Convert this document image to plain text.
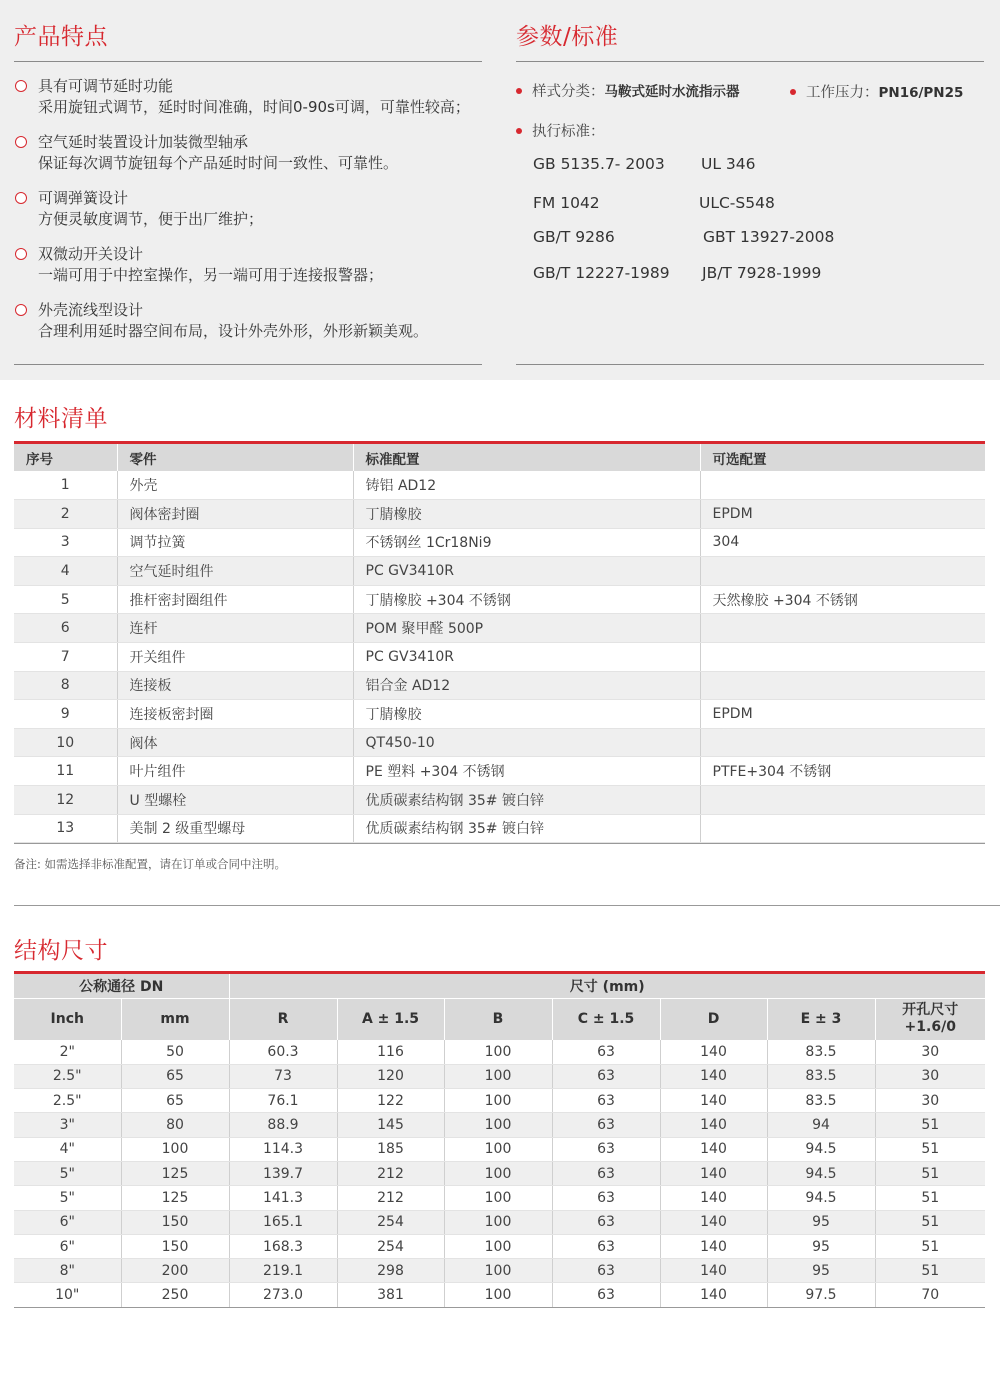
产品特点
具有可调节延时功能
采用旋钮式调节，延时时间准确，时间0-90s可调，可靠性较高；
空气延时装置设计加装微型轴承
保证每次调节旋钮每个产品延时时间一致性、可靠性。
可调弹簧设计
方便灵敏度调节，便于出厂维护；
双微动开关设计
一端可用于中控室操作，另一端可用于连接报警器；
外壳流线型设计
合理利用延时器空间布局，设计外壳外形，外形新颖美观。
参数/标准
样式分类：马鞍式延时水流指示器	工作压力：PN16/PN25
执行标准：
GB 5135.7- 2003 UL 346
FM 1042	ULC-S548
GB/T 9286	GBT 13927-2008
GB/T 12227-1989 JB/T 7928-1999
材料清单
序号	零件	标准配置	可选配置
1	外壳	铸铝 AD12	
2	阀体密封圈	丁腈橡胶	EPDM
3	调节拉簧	不锈钢丝 1Cr18Ni9	304
4	空气延时组件	PC GV3410R	
5	推杆密封圈组件	丁腈橡胶 +304 不锈钢	天然橡胶 +304 不锈钢
6	连杆	POM 聚甲醛 500P	
7	开关组件	PC GV3410R	
8	连接板	铝合金 AD12	
9	连接板密封圈	丁腈橡胶	EPDM
10	阀体	QT450-10	
11	叶片组件	PE 塑料 +304 不锈钢	PTFE+304 不锈钢
12	U 型螺栓	优质碳素结构钢 35# 镀白锌	
13	美制 2 级重型螺母	优质碳素结构钢 35# 镀白锌	
备注: 如需选择非标准配置，请在订单或合同中注明。
结构尺寸
公称通径 DN		尺寸 (mm)						
Inch	mm	R	A ± 1.5	B	C ± 1.5	D	E ± 3	开孔尺寸
+1.6/0
2"	50	60.3	116	100	63	140	83.5	30
2.5"	65	73	120	100	63	140	83.5	30
2.5"	65	76.1	122	100	63	140	83.5	30
3"	80	88.9	145	100	63	140	94	51
4"	100	114.3	185	100	63	140	94.5	51
5"	125	139.7	212	100	63	140	94.5	51
5"	125	141.3	212	100	63	140	94.5	51
6"	150	165.1	254	100	63	140	95	51
6"	150	168.3	254	100	63	140	95	51
8"	200	219.1	298	100	63	140	95	51
10"	250	273.0	381	100	63	140	97.5	70
